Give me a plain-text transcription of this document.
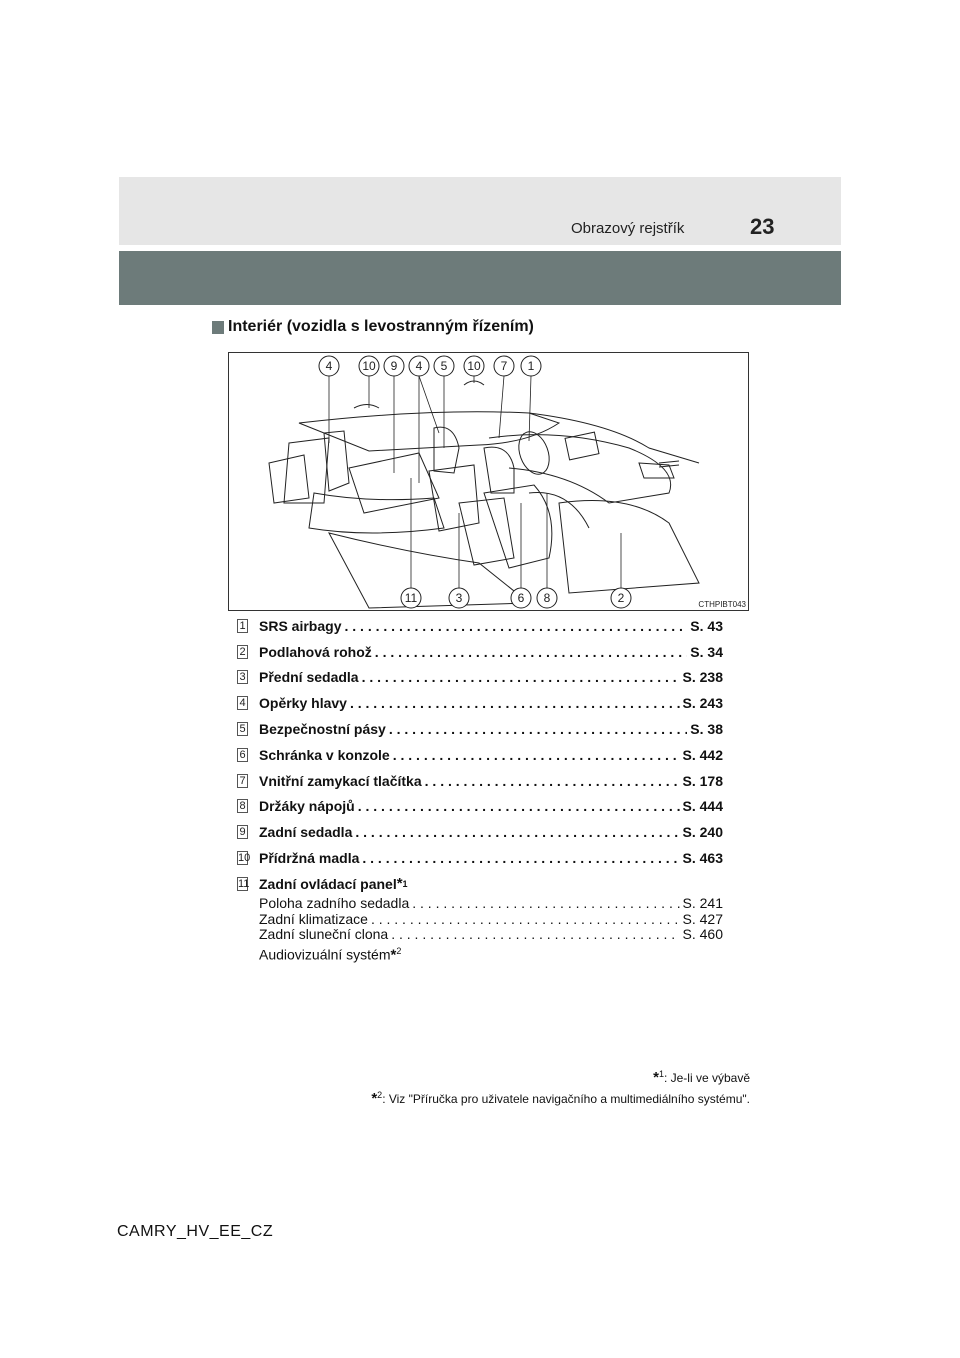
Obrazový rejstřík	23
Interiér (vozidla s levostranným řízením)
4 10 9 4 5 10 7 1
11	3	6 8	2	CTHPIBT043
1 SRS airbagy . . .	S. 43
2 Podlahová rohož . . .	S. 34
3 Přední sedadla . . .	S. 238
4 Opěrky hlavy . . .	S. 243
5 Bezpečnostní pásy . . .	S. 38
6 Schránka v konzole . . .	S. 442
7 Vnitřní zamykací tlačítka . . .	S. 178
8 Držáky nápojů . . .	S. 444
9 Zadní sedadla . . .	S. 240
10 Přídržná madla . . .	S. 463
11 Zadní ovládací panel * 1
Poloha zadního sedadla . . .	S. 241
Zadní klimatizace . . .	S. 427
Zadní sluneční clona . . .	S. 460
Audiovizuální systém*$^2$
*$^1$: Je-li ve výbavě
*$^2$: Viz "Příručka pro uživatele navigačního a multimediálního systému".
CAMRY_HV_EE_CZ
